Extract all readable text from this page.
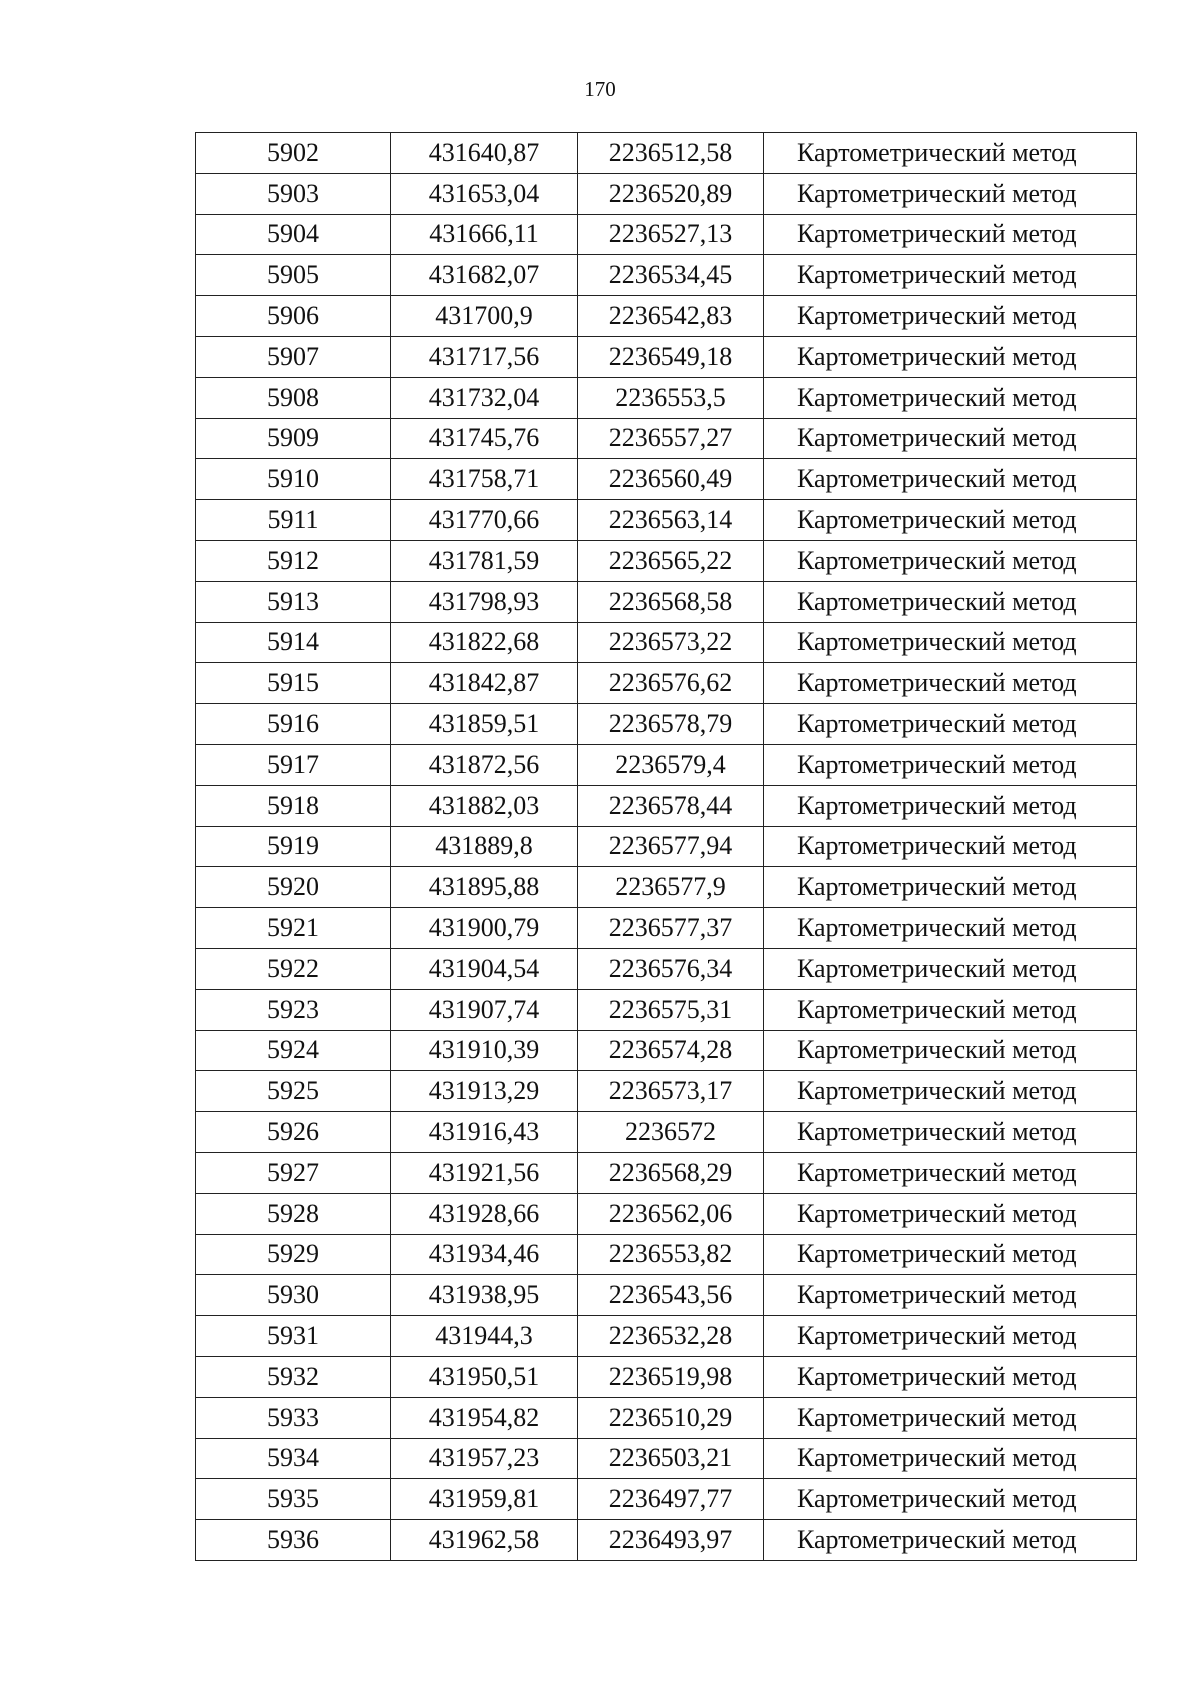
170
5902	431640,87	2236512,58	Картометрический метод
5903	431653,04	2236520,89	Картометрический метод
5904	431666,11	2236527,13	Картометрический метод
5905	431682,07	2236534,45	Картометрический метод
5906	431700,9	2236542,83	Картометрический метод
5907	431717,56	2236549,18	Картометрический метод
5908	431732,04	2236553,5	Картометрический метод
5909	431745,76	2236557,27	Картометрический метод
5910	431758,71	2236560,49	Картометрический метод
5911	431770,66	2236563,14	Картометрический метод
5912	431781,59	2236565,22	Картометрический метод
5913	431798,93	2236568,58	Картометрический метод
5914	431822,68	2236573,22	Картометрический метод
5915	431842,87	2236576,62	Картометрический метод
5916	431859,51	2236578,79	Картометрический метод
5917	431872,56	2236579,4	Картометрический метод
5918	431882,03	2236578,44	Картометрический метод
5919	431889,8	2236577,94	Картометрический метод
5920	431895,88	2236577,9	Картометрический метод
5921	431900,79	2236577,37	Картометрический метод
5922	431904,54	2236576,34	Картометрический метод
5923	431907,74	2236575,31	Картометрический метод
5924	431910,39	2236574,28	Картометрический метод
5925	431913,29	2236573,17	Картометрический метод
5926	431916,43	2236572	Картометрический метод
5927	431921,56	2236568,29	Картометрический метод
5928	431928,66	2236562,06	Картометрический метод
5929	431934,46	2236553,82	Картометрический метод
5930	431938,95	2236543,56	Картометрический метод
5931	431944,3	2236532,28	Картометрический метод
5932	431950,51	2236519,98	Картометрический метод
5933	431954,82	2236510,29	Картометрический метод
5934	431957,23	2236503,21	Картометрический метод
5935	431959,81	2236497,77	Картометрический метод
5936	431962,58	2236493,97	Картометрический метод
